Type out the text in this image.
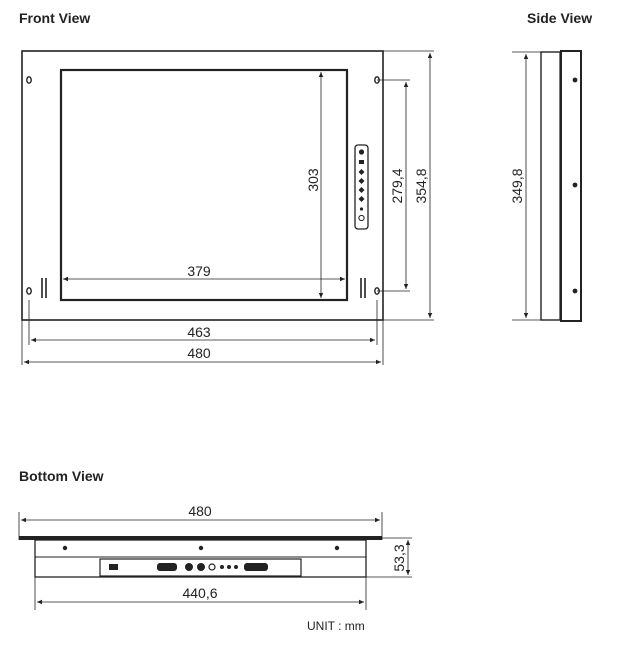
Front View	Side View
Bottom View
379
303	279,4 354,8
463
480
349,8
480
440,6
53,3
UNIT : mm
